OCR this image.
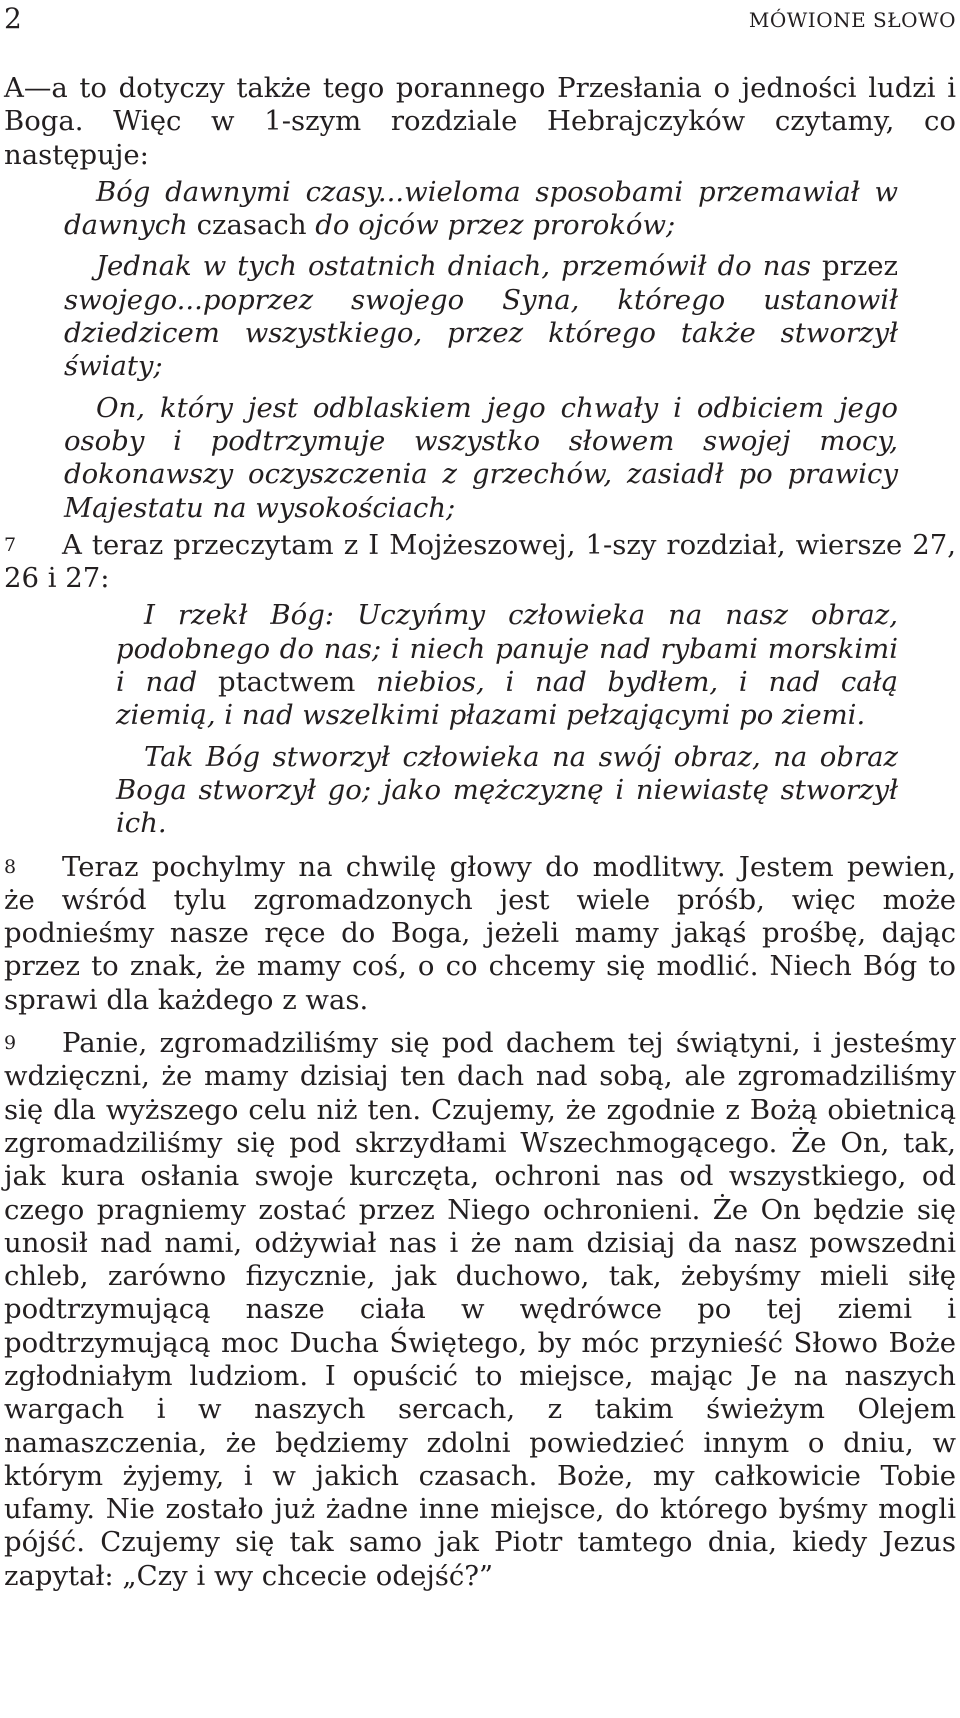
2	MÓWIONE SŁOWO

A—a to dotyczy także tego porannego Przesłania o jedności ludzi i Boga. Więc w 1-szym rozdziale Hebrajczyków czytamy, co następuje:

Bóg dawnymi czasy...wieloma sposobami przemawiał w dawnych czasach do ojców przez proroków;

Jednak w tych ostatnich dniach, przemówił do nas przez swojego...poprzez swojego Syna, którego ustanowił dziedzicem wszystkiego, przez którego także stworzył światy;

On, który jest odblaskiem jego chwały i odbiciem jego osoby i podtrzymuje wszystko słowem swojej mocy, dokonawszy oczyszczenia z grzechów, zasiadł po prawicy Majestatu na wysokościach;

7 A teraz przeczytam z I Mojżeszowej, 1-szy rozdział, wiersze 27, 26 i 27:

I rzekł Bóg: Uczyńmy człowieka na nasz obraz, podobnego do nas; i niech panuje nad rybami morskimi i nad ptactwem niebios, i nad bydłem, i nad całą ziemią, i nad wszelkimi płazami pełzającymi po ziemi.

Tak Bóg stworzył człowieka na swój obraz, na obraz Boga stworzył go; jako mężczyznę i niewiastę stworzył ich.

8 Teraz pochylmy na chwilę głowy do modlitwy. Jestem pewien, że wśród tylu zgromadzonych jest wiele próśb, więc może podnieśmy nasze ręce do Boga, jeżeli mamy jakąś prośbę, dając przez to znak, że mamy coś, o co chcemy się modlić. Niech Bóg to sprawi dla każdego z was.

9 Panie, zgromadziliśmy się pod dachem tej świątyni, i jesteśmy wdzięczni, że mamy dzisiaj ten dach nad sobą, ale zgromadziliśmy się dla wyższego celu niż ten. Czujemy, że zgodnie z Bożą obietnicą zgromadziliśmy się pod skrzydłami Wszechmogącego. Że On, tak, jak kura osłania swoje kurczęta, ochroni nas od wszystkiego, od czego pragniemy zostać przez Niego ochronieni. Że On będzie się unosił nad nami, odżywiał nas i że nam dzisiaj da nasz powszedni chleb, zarówno fizycznie, jak duchowo, tak, żebyśmy mieli siłę podtrzymującą nasze ciała w wędrówce po tej ziemi i podtrzymującą moc Ducha Świętego, by móc przynieść Słowo Boże zgłodniałym ludziom. I opuścić to miejsce, mając Je na naszych wargach i w naszych sercach, z takim świeżym Olejem namaszczenia, że będziemy zdolni powiedzieć innym o dniu, w którym żyjemy, i w jakich czasach. Boże, my całkowicie Tobie ufamy. Nie zostało już żadne inne miejsce, do którego byśmy mogli pójść. Czujemy się tak samo jak Piotr tamtego dnia, kiedy Jezus zapytał: „Czy i wy chcecie odejść?”
